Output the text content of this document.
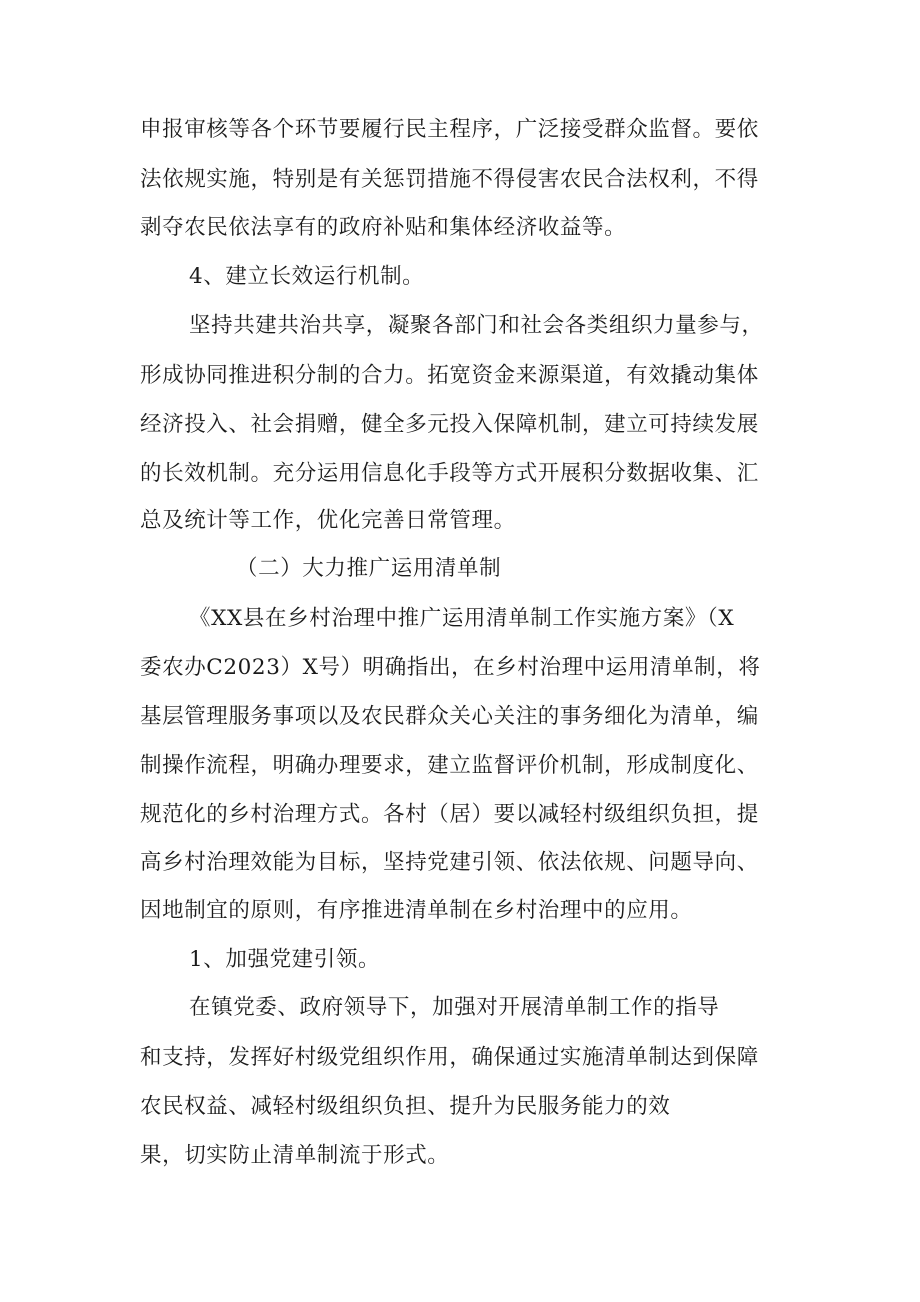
申报审核等各个环节要履行民主程序，广泛接受群众监督。要依
法依规实施，特别是有关惩罚措施不得侵害农民合法权利，不得
剥夺农民依法享有的政府补贴和集体经济收益等。
4、建立长效运行机制。
坚持共建共治共享，凝聚各部门和社会各类组织力量参与，
形成协同推进积分制的合力。拓宽资金来源渠道，有效撬动集体
经济投入、社会捐赠，健全多元投入保障机制，建立可持续发展
的长效机制。充分运用信息化手段等方式开展积分数据收集、汇
总及统计等工作，优化完善日常管理。
（二）大力推广运用清单制
《XX县在乡村治理中推广运用清单制工作实施方案》（X
委农办C2023）X号）明确指出，在乡村治理中运用清单制，将
基层管理服务事项以及农民群众关心关注的事务细化为清单，编
制操作流程，明确办理要求，建立监督评价机制，形成制度化、
规范化的乡村治理方式。各村（居）要以减轻村级组织负担，提
高乡村治理效能为目标，坚持党建引领、依法依规、问题导向、
因地制宜的原则，有序推进清单制在乡村治理中的应用。
1、加强党建引领。
在镇党委、政府领导下，加强对开展清单制工作的指导
和支持，发挥好村级党组织作用，确保通过实施清单制达到保障
农民权益、减轻村级组织负担、提升为民服务能力的效
果，切实防止清单制流于形式。
